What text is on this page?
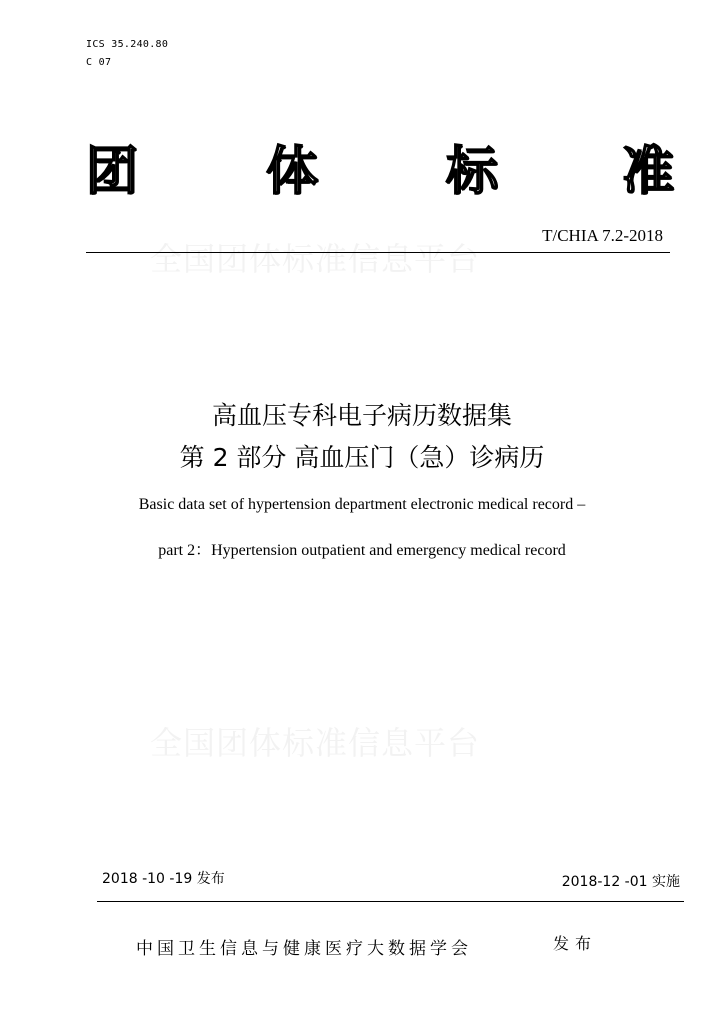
ICS 35.240.80
C 07
团 体 标 准
全国团体标准信息平台
T/CHIA 7.2-2018
高血压专科电子病历数据集
第 2 部分 高血压门（急）诊病历
Basic data set of hypertension department electronic medical record –
part 2：Hypertension outpatient and emergency medical record
全国团体标准信息平台
2018 -10 -19 发布	2018-12 -01 实施
中国卫生信息与健康医疗大数据学会	发布
